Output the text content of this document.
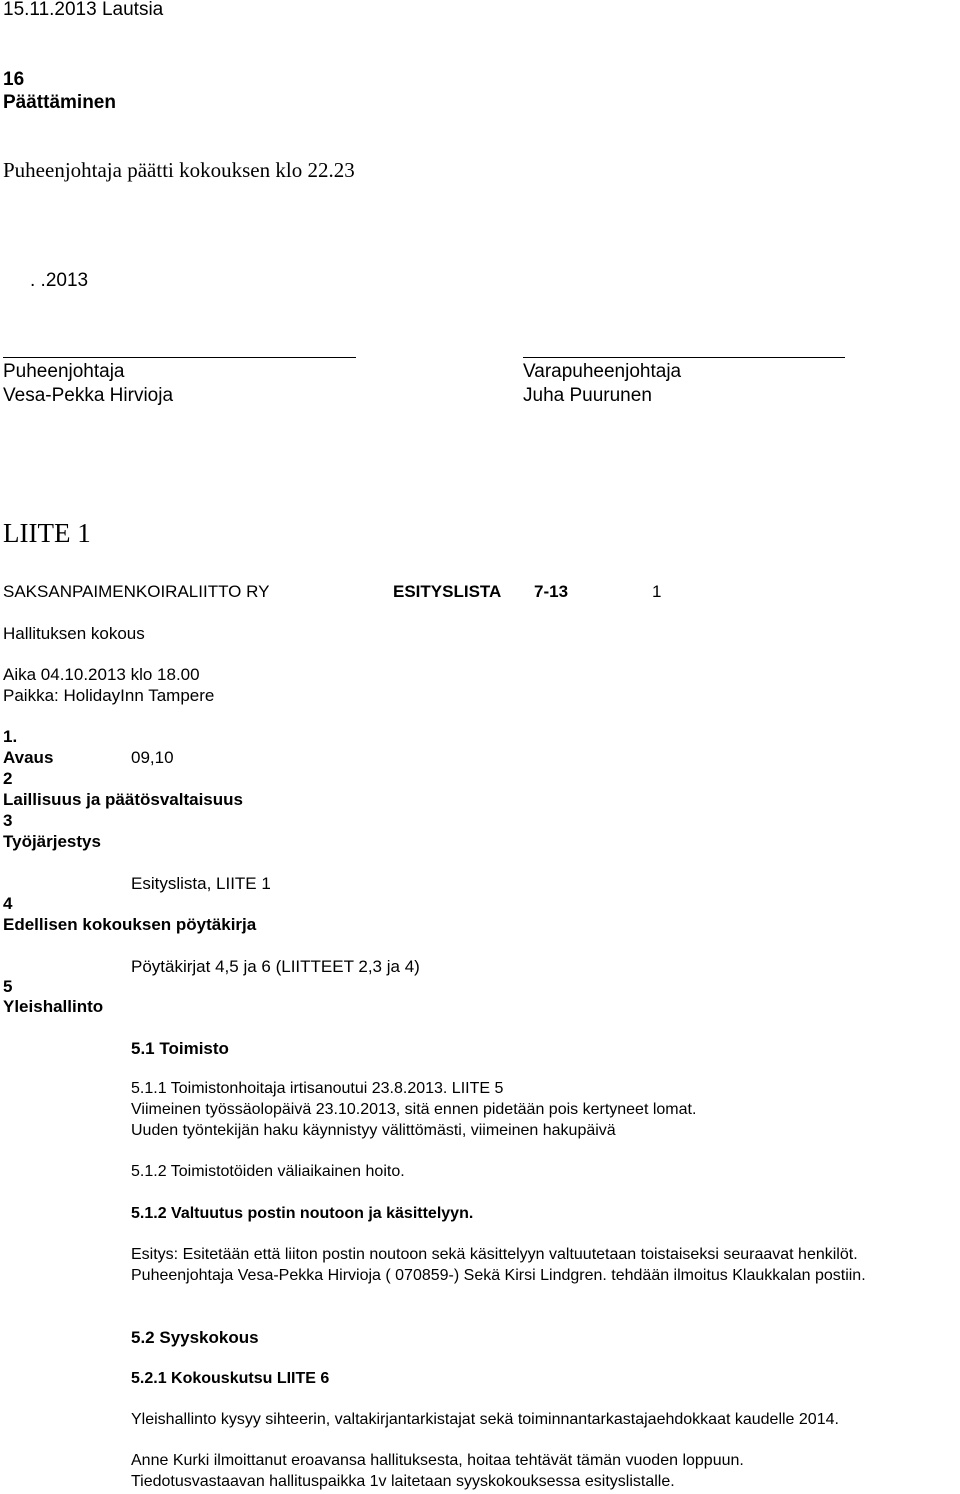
15.11.2013 Lautsia
16
Päättäminen
Puheenjohtaja päätti kokouksen klo 22.23
. .2013
Puheenjohtaja
Vesa-Pekka Hirvioja
Varapuheenjohtaja
Juha Puurunen
LIITE 1
SAKSANPAIMENKOIRALIITTO RY	ESITYSLISTA 7-13	1
Hallituksen kokous
Aika 04.10.2013 klo 18.00
Paikka: HolidayInn Tampere
1.
Avaus	09,10
2
Laillisuus ja päätösvaltaisuus
3
Työjärjestys
Esityslista, LIITE 1
4
Edellisen kokouksen pöytäkirja
Pöytäkirjat 4,5 ja 6 (LIITTEET 2,3 ja 4)
5
Yleishallinto
5.1 Toimisto
5.1.1 Toimistonhoitaja irtisanoutui 23.8.2013. LIITE 5
Viimeinen työssäolopäivä 23.10.2013, sitä ennen pidetään pois kertyneet lomat.
Uuden työntekijän haku käynnistyy välittömästi, viimeinen hakupäivä
5.1.2 Toimistotöiden väliaikainen hoito.
5.1.2 Valtuutus postin noutoon ja käsittelyyn.
Esitys: Esitetään että liiton postin noutoon sekä käsittelyyn valtuutetaan toistaiseksi seuraavat henkilöt.
Puheenjohtaja Vesa-Pekka Hirvioja ( 070859-) Sekä Kirsi Lindgren. tehdään ilmoitus Klaukkalan postiin.
5.2 Syyskokous
5.2.1 Kokouskutsu LIITE 6
Yleishallinto kysyy sihteerin, valtakirjantarkistajat sekä toiminnantarkastajaehdokkaat kaudelle 2014.
Anne Kurki ilmoittanut eroavansa hallituksesta, hoitaa tehtävät tämän vuoden loppuun.
Tiedotusvastaavan hallituspaikka 1v laitetaan syyskokouksessa esityslistalle.
